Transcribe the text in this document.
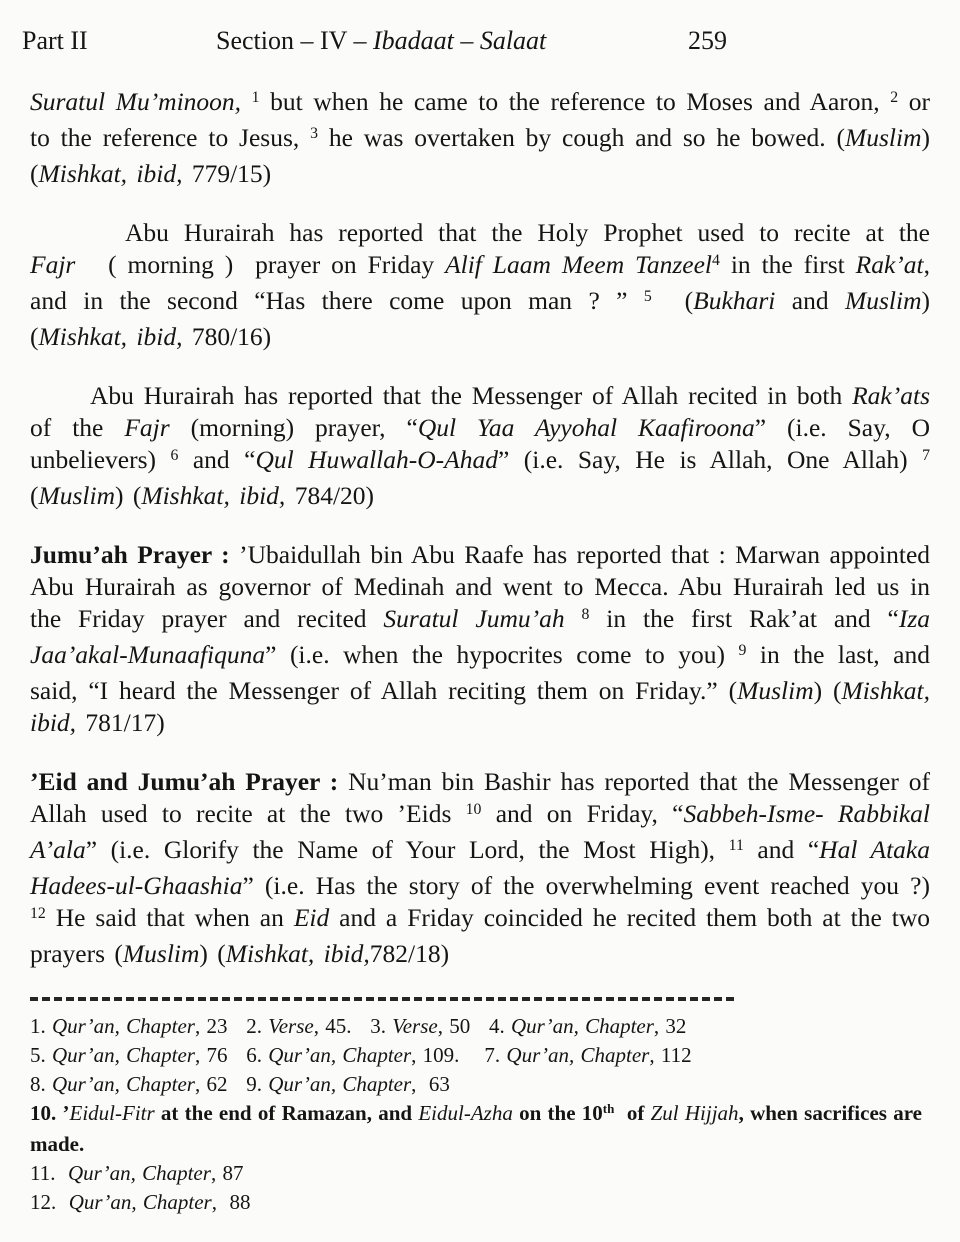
Part II	Section – IV – Ibadaat – Salaat	259

Suratul Mu’minoon, $^1$ but when he came to the reference to Moses and Aaron, $^2$ or to the reference to Jesus, $^3$ he was overtaken by cough and so he bowed. (Muslim) (Mishkat, ibid, 779/15)

Abu Hurairah has reported that the Holy Prophet used to recite at the Fajr   ( morning )  prayer on Friday Alif Laam Meem Tanzeel$^4$ in the first Rak’at, and in the second “Has there come upon man ? ” $^5$  (Bukhari and Muslim) (Mishkat, ibid, 780/16)

Abu Hurairah has reported that the Messenger of Allah recited in both Rak’ats of the Fajr (morning) prayer, “Qul Yaa Ayyohal Kaafiroona” (i.e. Say, O unbelievers) $^6$ and “Qul Huwallah-O-Ahad” (i.e. Say, He is Allah, One Allah) $^7$ (Muslim) (Mishkat, ibid, 784/20)

Jumu’ah Prayer : ’Ubaidullah bin Abu Raafe has reported that : Marwan appointed Abu Hurairah as governor of Medinah and went to Mecca. Abu Hurairah led us in the Friday prayer and recited Suratul Jumu’ah $^8$ in the first Rak’at and “Iza Jaa’akal-Munaafiquna” (i.e. when the hypocrites come to you) $^9$ in the last, and said, “I heard the Messenger of Allah reciting them on Friday.” (Muslim) (Mishkat, ibid, 781/17)

’Eid and Jumu’ah Prayer : Nu’man bin Bashir has reported that the Messenger of Allah used to recite at the two ’Eids $^{10}$ and on Friday, “Sabbeh-Isme- Rabbikal A’ala” (i.e. Glorify the Name of Your Lord, the Most High), $^{11}$ and “Hal Ataka Hadees-ul-Ghaashia” (i.e. Has the story of the overwhelming event reached you ?) $^{12}$ He said that when an Eid and a Friday coincided he recited them both at the two prayers (Muslim) (Mishkat, ibid,782/18)

1. Qur’an, Chapter, 23   2. Verse, 45.   3. Verse, 50   4. Qur’an, Chapter, 32

5. Qur’an, Chapter, 76   6. Qur’an, Chapter, 109.    7. Qur’an, Chapter, 112

8. Qur’an, Chapter, 62   9. Qur’an, Chapter,  63

10. ’Eidul-Fitr at the end of Ramazan, and Eidul-Azha on the 10th  of Zul Hijjah, when sacrifices are made.

11.  Qur’an, Chapter, 87

12.  Qur’an, Chapter,  88
